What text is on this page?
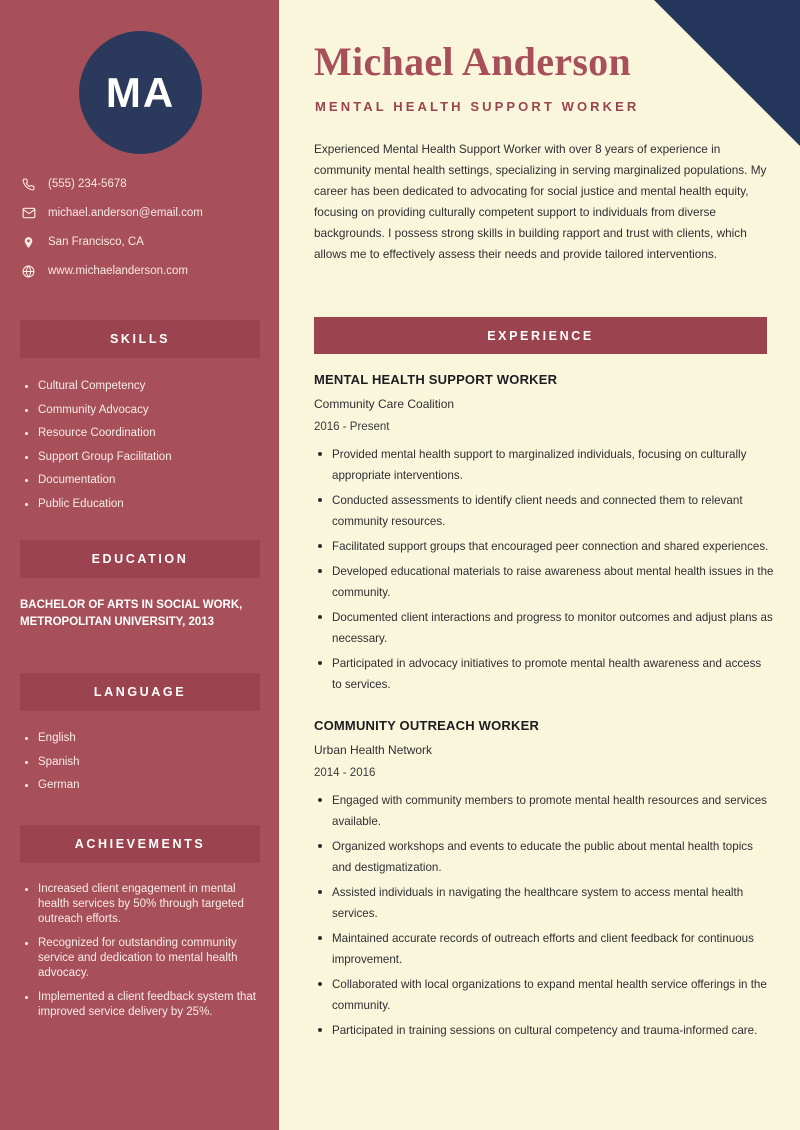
MA
(555) 234-5678
michael.anderson@email.com
San Francisco, CA
www.michaelanderson.com
SKILLS
Cultural Competency
Community Advocacy
Resource Coordination
Support Group Facilitation
Documentation
Public Education
EDUCATION
BACHELOR OF ARTS IN SOCIAL WORK, METROPOLITAN UNIVERSITY, 2013
LANGUAGE
English
Spanish
German
ACHIEVEMENTS
Increased client engagement in mental health services by 50% through targeted outreach efforts.
Recognized for outstanding community service and dedication to mental health advocacy.
Implemented a client feedback system that improved service delivery by 25%.
Michael Anderson
MENTAL HEALTH SUPPORT WORKER
Experienced Mental Health Support Worker with over 8 years of experience in community mental health settings, specializing in serving marginalized populations. My career has been dedicated to advocating for social justice and mental health equity, focusing on providing culturally competent support to individuals from diverse backgrounds. I possess strong skills in building rapport and trust with clients, which allows me to effectively assess their needs and provide tailored interventions.
EXPERIENCE
MENTAL HEALTH SUPPORT WORKER
Community Care Coalition
2016 - Present
Provided mental health support to marginalized individuals, focusing on culturally appropriate interventions.
Conducted assessments to identify client needs and connected them to relevant community resources.
Facilitated support groups that encouraged peer connection and shared experiences.
Developed educational materials to raise awareness about mental health issues in the community.
Documented client interactions and progress to monitor outcomes and adjust plans as necessary.
Participated in advocacy initiatives to promote mental health awareness and access to services.
COMMUNITY OUTREACH WORKER
Urban Health Network
2014 - 2016
Engaged with community members to promote mental health resources and services available.
Organized workshops and events to educate the public about mental health topics and destigmatization.
Assisted individuals in navigating the healthcare system to access mental health services.
Maintained accurate records of outreach efforts and client feedback for continuous improvement.
Collaborated with local organizations to expand mental health service offerings in the community.
Participated in training sessions on cultural competency and trauma-informed care.
